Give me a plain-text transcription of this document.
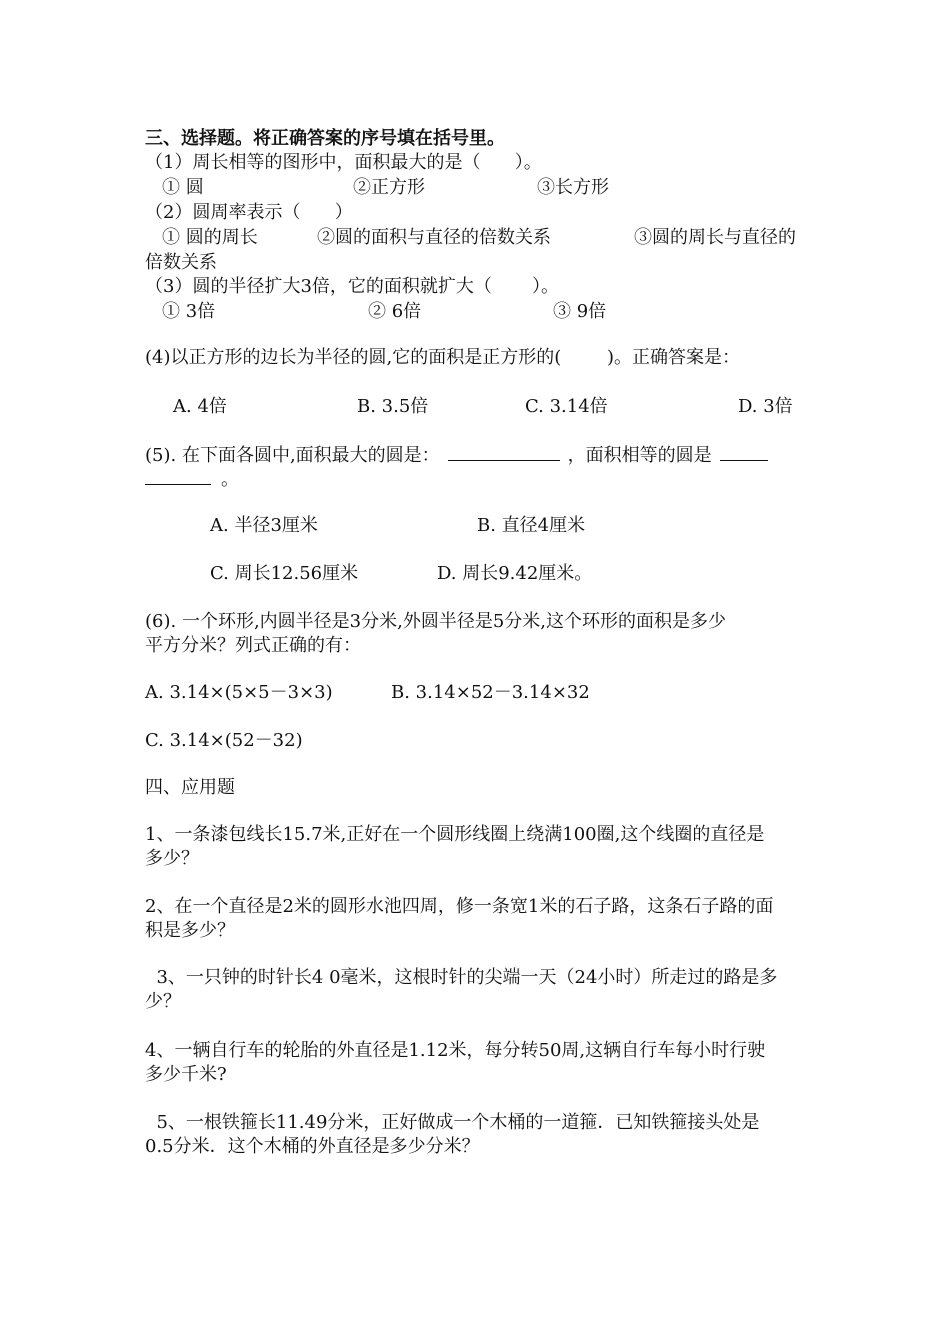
三、选择题。将正确答案的序号填在括号里。
（1）周长相等的图形中，面积最大的是（      ）。
① 圆	②正方形	③长方形
（2）圆周率表示（      ）
① 圆的周长	②圆的面积与直径的倍数关系	③圆的周长与直径的
倍数关系
（3）圆的半径扩大3倍，它的面积就扩大（       ）。
① 3倍	② 6倍	③ 9倍
(4)以正方形的边长为半径的圆,它的面积是正方形的(        )。正确答案是：
A. 4倍	B. 3.5倍	C. 3.14倍	D. 3倍
(5). 在下面各圆中,面积最大的圆是：	，面积相等的圆是
。
A. 半径3厘米	B. 直径4厘米
C. 周长12.56厘米	D. 周长9.42厘米。
(6). 一个环形,内圆半径是3分米,外圆半径是5分米,这个环形的面积是多少
平方分米？列式正确的有：
A. 3.14×(5×5－3×3)	B. 3.14×52－3.14×32
C. 3.14×(52－32)
四、应用题
1、一条漆包线长15.7米,正好在一个圆形线圈上绕满100圈,这个线圈的直径是
多少？
2、在一个直径是2米的圆形水池四周，修一条宽1米的石子路，这条石子路的面
积是多少？
3、一只钟的时针长4 0毫米，这根时针的尖端一天（24小时）所走过的路是多
少？
4、一辆自行车的轮胎的外直径是1.12米，每分转50周,这辆自行车每小时行驶
多少千米?
5、一根铁箍长11.49分米，正好做成一个木桶的一道箍．已知铁箍接头处是
0.5分米．这个木桶的外直径是多少分米？
